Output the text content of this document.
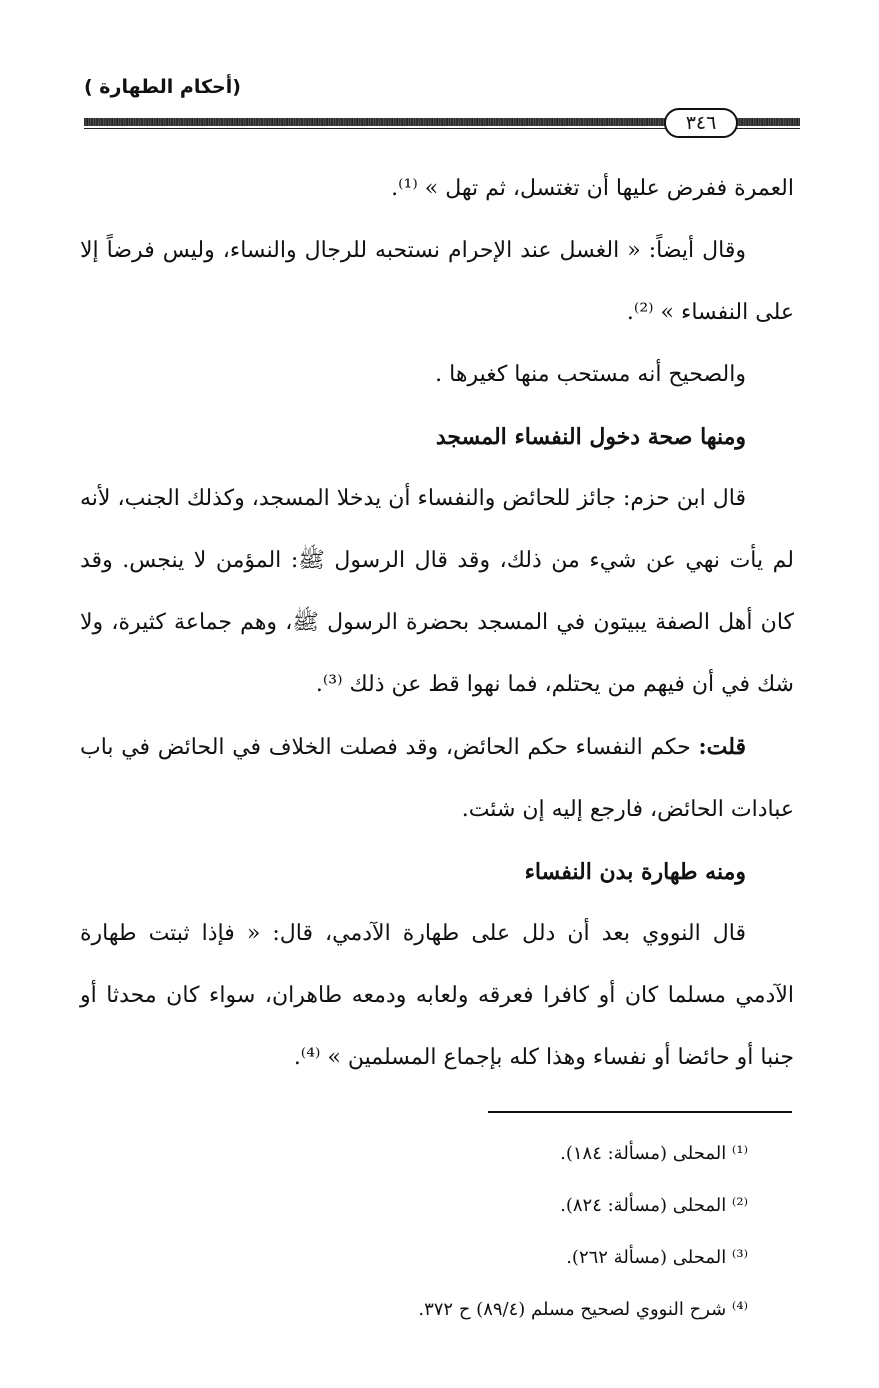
(أحكام الطهارة )
٣٤٦

العمرة ففرض عليها أن تغتسل، ثم تهل » ⁽¹⁾.

وقال أيضاً: « الغسل عند الإحرام نستحبه للرجال والنساء، وليس فرضاً إلا على النفساء » ⁽²⁾.

والصحيح أنه مستحب منها كغيرها .

ومنها صحة دخول النفساء المسجد

قال ابن حزم: جائز للحائض والنفساء أن يدخلا المسجد، وكذلك الجنب، لأنه لم يأت نهي عن شيء من ذلك، وقد قال الرسول ﷺ: المؤمن لا ينجس. وقد كان أهل الصفة يبيتون في المسجد بحضرة الرسول ﷺ، وهم جماعة كثيرة، ولا شك في أن فيهم من يحتلم، فما نهوا قط عن ذلك ⁽³⁾.

قلت: حكم النفساء حكم الحائض، وقد فصلت الخلاف في الحائض في باب عبادات الحائض، فارجع إليه إن شئت.

ومنه طهارة بدن النفساء

قال النووي بعد أن دلل على طهارة الآدمي، قال: « فإذا ثبتت طهارة الآدمي مسلما كان أو كافرا فعرقه ولعابه ودمعه طاهران، سواء كان محدثا أو جنبا أو حائضا أو نفساء وهذا كله بإجماع المسلمين » ⁽⁴⁾.

⁽¹⁾ المحلى (مسألة: ١٨٤).

⁽²⁾ المحلى (مسألة: ٨٢٤).

⁽³⁾ المحلى (مسألة ٢٦٢).

⁽⁴⁾ شرح النووي لصحيح مسلم (٨٩/٤) ح ٣٧٢.
